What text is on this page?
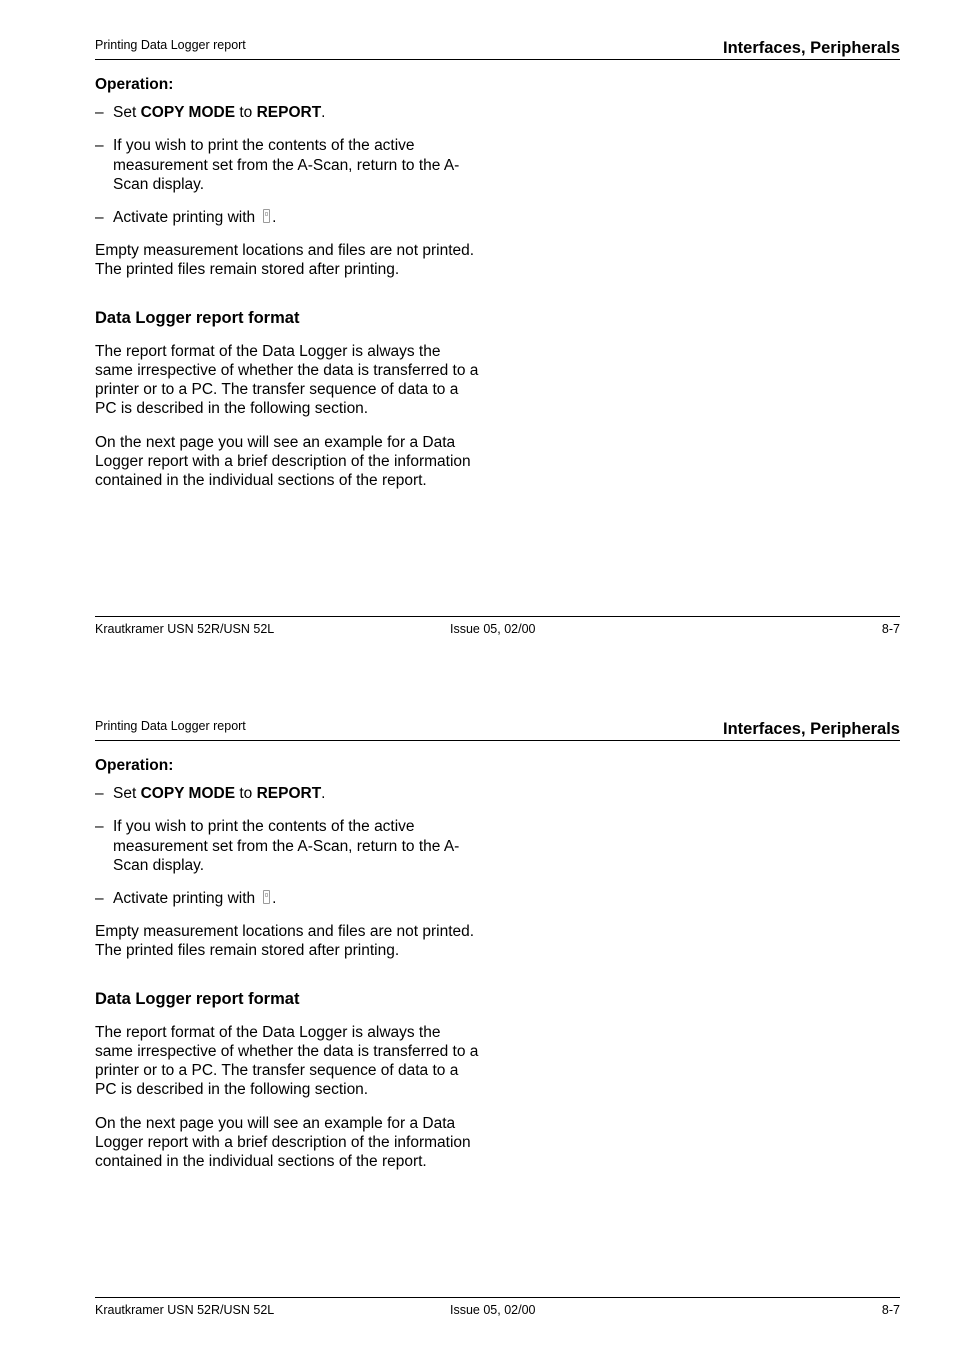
Printing Data Logger report	Interfaces, Peripherals
Operation:
– Set COPY MODE to REPORT.
– If you wish to print the contents of the active measurement set from the A-Scan, return to the A-Scan display.
– Activate printing with .
Empty measurement locations and files are not printed. The printed files remain stored after printing.
Data Logger report format
The report format of the Data Logger is always the same irrespective of whether the data is transferred to a printer or to a PC. The transfer sequence of data to a PC is described in the following section.
On the next page you will see an example for a Data Logger report with a brief description of the information contained in the individual sections of the report.
Krautkramer USN 52R/USN 52L	Issue 05, 02/00	8-7
Printing Data Logger report	Interfaces, Peripherals
Operation:
– Set COPY MODE to REPORT.
– If you wish to print the contents of the active measurement set from the A-Scan, return to the A-Scan display.
– Activate printing with .
Empty measurement locations and files are not printed. The printed files remain stored after printing.
Data Logger report format
The report format of the Data Logger is always the same irrespective of whether the data is transferred to a printer or to a PC. The transfer sequence of data to a PC is described in the following section.
On the next page you will see an example for a Data Logger report with a brief description of the information contained in the individual sections of the report.
Krautkramer USN 52R/USN 52L	Issue 05, 02/00	8-7
